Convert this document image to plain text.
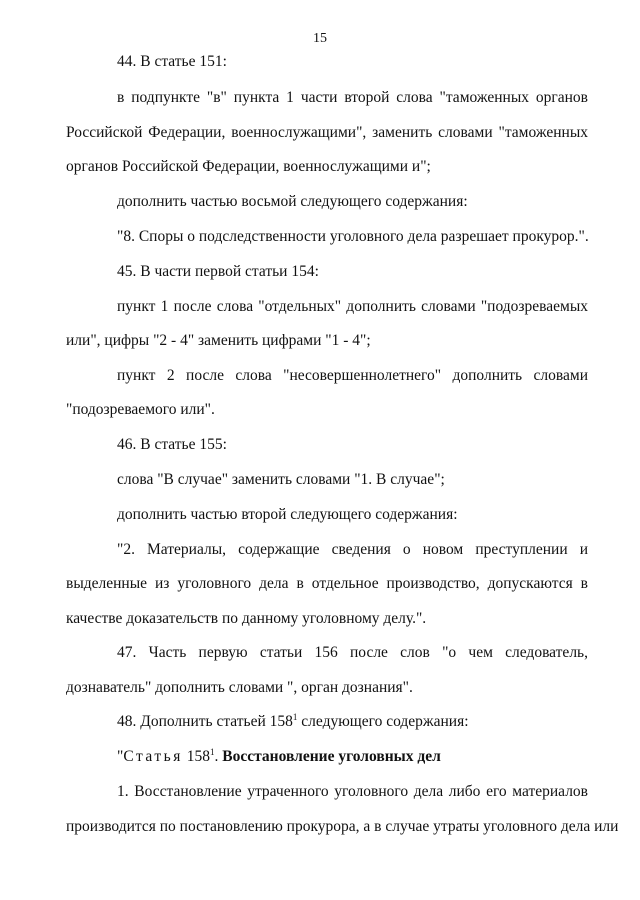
15
44. В статье 151:
в подпункте "в" пункта 1 части второй слова "таможенных органов
Российской Федерации, военнослужащими", заменить словами "таможенных
органов Российской Федерации, военнослужащими и";
дополнить частью восьмой следующего содержания:
"8. Споры о подследственности уголовного дела разрешает прокурор.".
45. В части первой статьи 154:
пункт 1 после слова "отдельных" дополнить словами "подозреваемых
или", цифры "2 - 4" заменить цифрами "1 - 4";
пункт 2 после слова "несовершеннолетнего" дополнить словами
"подозреваемого или".
46. В статье 155:
слова "В случае" заменить словами "1. В случае";
дополнить частью второй следующего содержания:
"2. Материалы, содержащие сведения о новом преступлении и
выделенные из уголовного дела в отдельное производство, допускаются в
качестве доказательств по данному уголовному делу.".
47. Часть первую статьи 156 после слов "о чем следователь,
дознаватель" дополнить словами ", орган дознания".
48. Дополнить статьей $158^1$ следующего содержания:
"Статья $158^1$. Восстановление уголовных дел
1. Восстановление утраченного уголовного дела либо его материалов
производится по постановлению прокурора, а в случае утраты уголовного дела или
